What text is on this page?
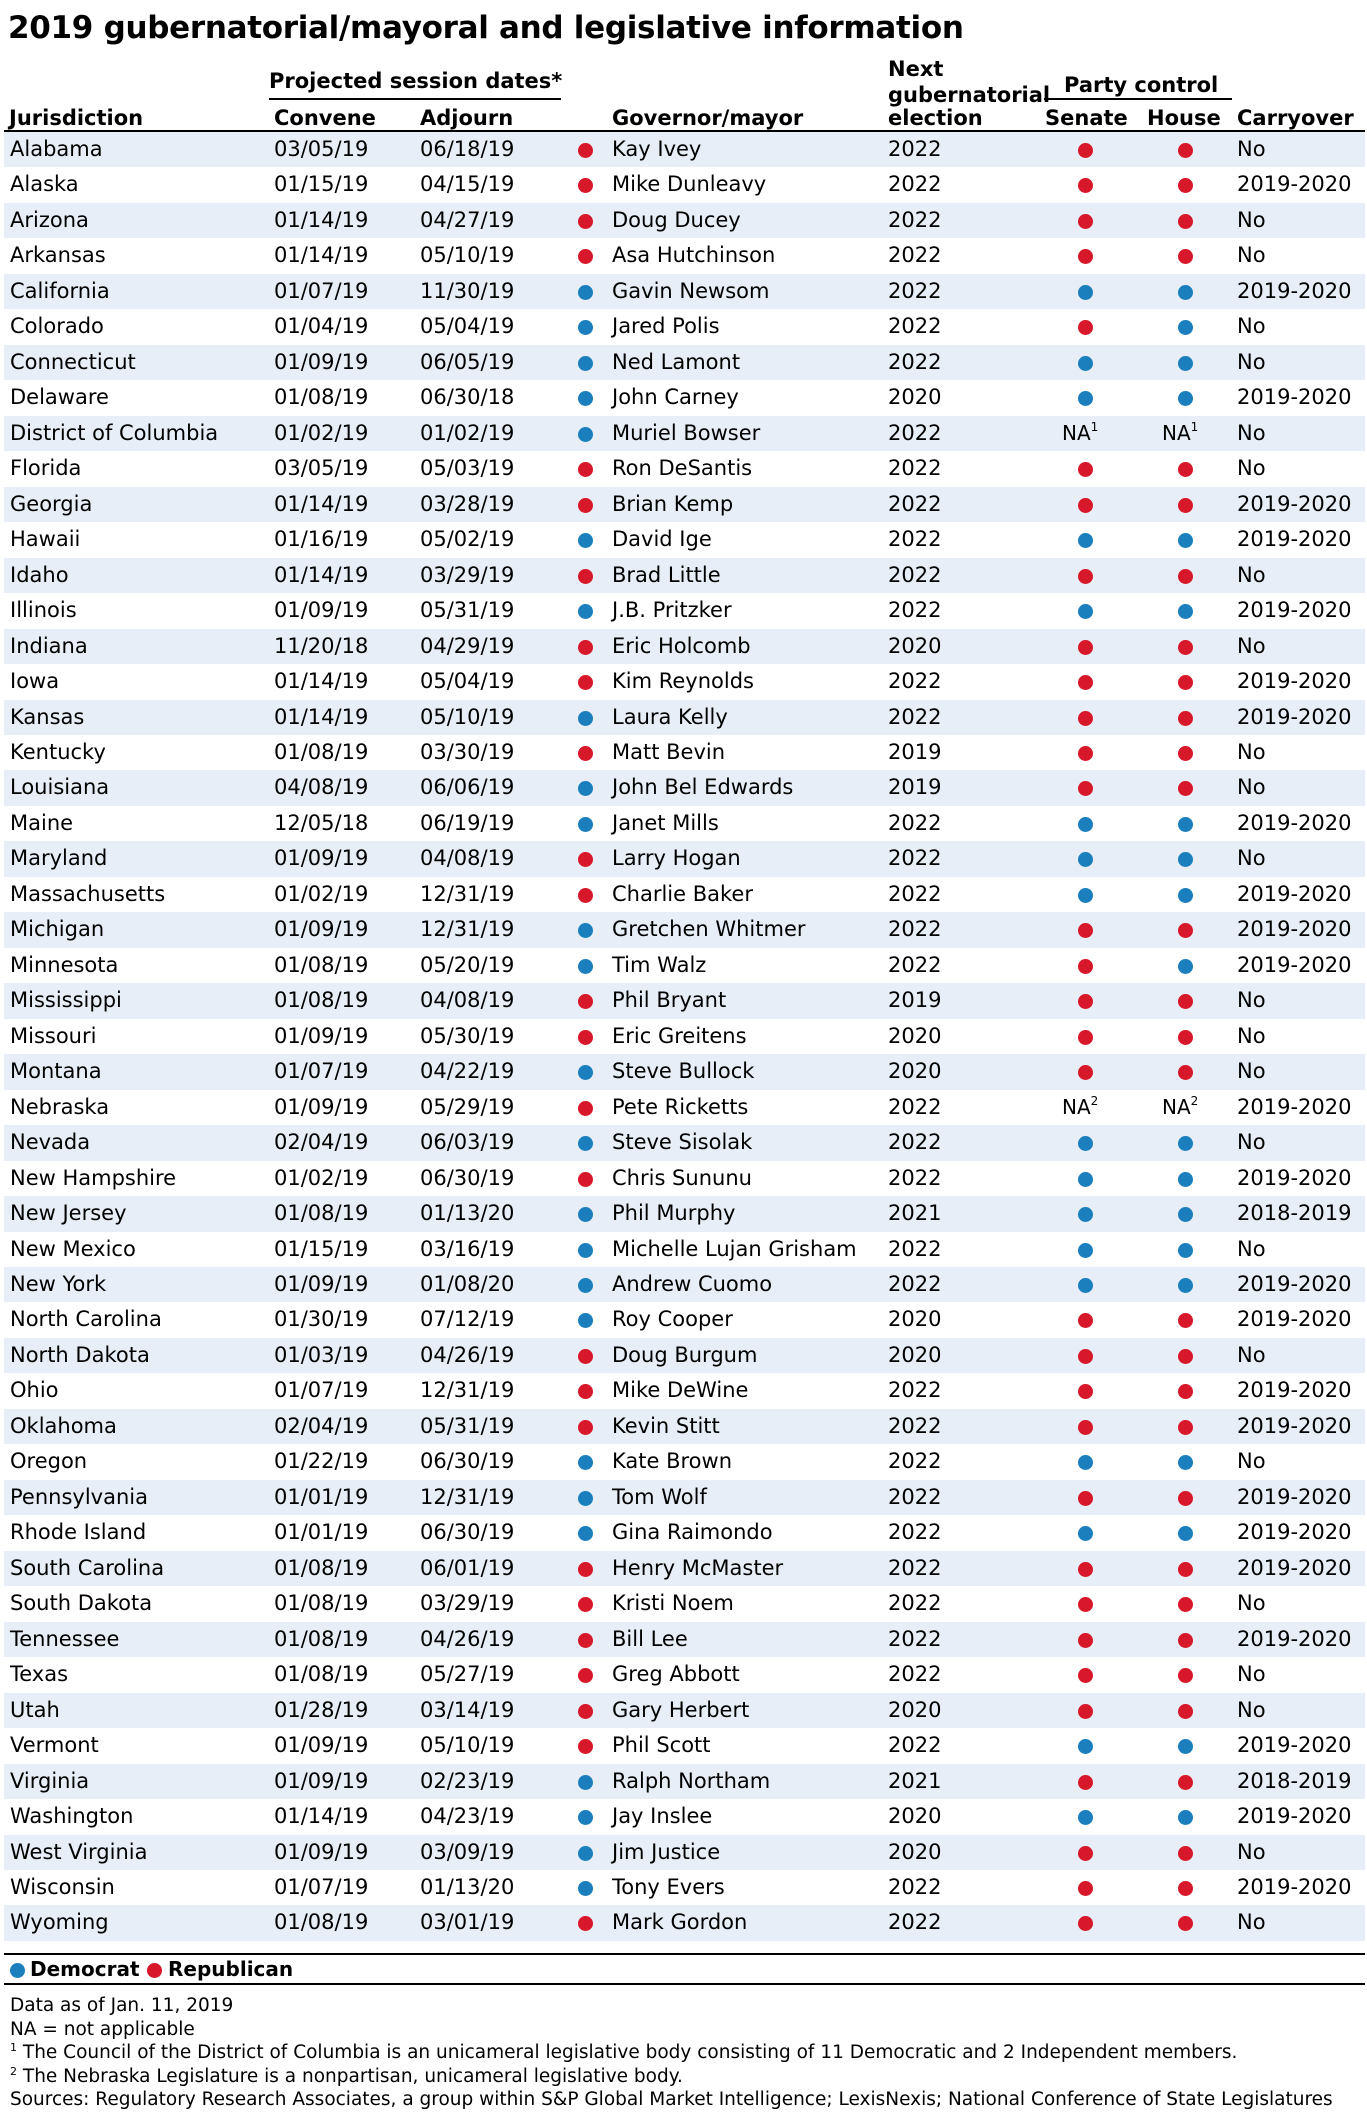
2019 gubernatorial/mayoral and legislative information
Projected session dates*	Party control
Next
gubernatorial
election
Jurisdiction	Convene Adjourn	Governor/mayor	Senate House Carryover
Alabama	03/05/19 06/18/19	Kay Ivey	2022	No
Alaska	01/15/19 04/15/19	Mike Dunleavy	2022	2019-2020
Arizona	01/14/19 04/27/19	Doug Ducey	2022	No
Arkansas	01/14/19 05/10/19	Asa Hutchinson	2022	No
California	01/07/19 11/30/19	Gavin Newsom	2022	2019-2020
Colorado	01/04/19 05/04/19	Jared Polis	2022	No
Connecticut	01/09/19 06/05/19	Ned Lamont	2022	No
Delaware	01/08/19 06/30/18	John Carney	2020	2019-2020
District of Columbia	01/02/19 01/02/19	Muriel Bowser	2022	$NA^1$	$NA^1$ No
Florida	03/05/19 05/03/19	Ron DeSantis	2022	No
Georgia	01/14/19 03/28/19	Brian Kemp	2022	2019-2020
Hawaii	01/16/19 05/02/19	David Ige	2022	2019-2020
Idaho	01/14/19 03/29/19	Brad Little	2022	No
Illinois	01/09/19 05/31/19	J.B. Pritzker	2022	2019-2020
Indiana	11/20/18 04/29/19	Eric Holcomb	2020	No
Iowa	01/14/19 05/04/19	Kim Reynolds	2022	2019-2020
Kansas	01/14/19 05/10/19	Laura Kelly	2022	2019-2020
Kentucky	01/08/19 03/30/19	Matt Bevin	2019	No
Louisiana	04/08/19 06/06/19	John Bel Edwards	2019	No
Maine	12/05/18 06/19/19	Janet Mills	2022	2019-2020
Maryland	01/09/19 04/08/19	Larry Hogan	2022	No
Massachusetts	01/02/19 12/31/19	Charlie Baker	2022	2019-2020
Michigan	01/09/19 12/31/19	Gretchen Whitmer	2022	2019-2020
Minnesota	01/08/19 05/20/19	Tim Walz	2022	2019-2020
Mississippi	01/08/19 04/08/19	Phil Bryant	2019	No
Missouri	01/09/19 05/30/19	Eric Greitens	2020	No
Montana	01/07/19 04/22/19	Steve Bullock	2020	No
Nebraska	01/09/19 05/29/19	Pete Ricketts	2022	$NA^2$	$NA^2$ 2019-2020
Nevada	02/04/19 06/03/19	Steve Sisolak	2022	No
New Hampshire	01/02/19 06/30/19	Chris Sununu	2022	2019-2020
New Jersey	01/08/19 01/13/20	Phil Murphy	2021	2018-2019
New Mexico	01/15/19 03/16/19	Michelle Lujan Grisham 2022	No
New York	01/09/19 01/08/20	Andrew Cuomo	2022	2019-2020
North Carolina	01/30/19 07/12/19	Roy Cooper	2020	2019-2020
North Dakota	01/03/19 04/26/19	Doug Burgum	2020	No
Ohio	01/07/19 12/31/19	Mike DeWine	2022	2019-2020
Oklahoma	02/04/19 05/31/19	Kevin Stitt	2022	2019-2020
Oregon	01/22/19 06/30/19	Kate Brown	2022	No
Pennsylvania	01/01/19 12/31/19	Tom Wolf	2022	2019-2020
Rhode Island	01/01/19 06/30/19	Gina Raimondo	2022	2019-2020
South Carolina	01/08/19 06/01/19	Henry McMaster	2022	2019-2020
South Dakota	01/08/19 03/29/19	Kristi Noem	2022	No
Tennessee	01/08/19 04/26/19	Bill Lee	2022	2019-2020
Texas	01/08/19 05/27/19	Greg Abbott	2022	No
Utah	01/28/19 03/14/19	Gary Herbert	2020	No
Vermont	01/09/19 05/10/19	Phil Scott	2022	2019-2020
Virginia	01/09/19 02/23/19	Ralph Northam	2021	2018-2019
Washington	01/14/19 04/23/19	Jay Inslee	2020	2019-2020
West Virginia	01/09/19 03/09/19	Jim Justice	2020	No
Wisconsin	01/07/19 01/13/20	Tony Evers	2022	2019-2020
Wyoming	01/08/19 03/01/19	Mark Gordon	2022	No
Democrat Republican
Data as of Jan. 11, 2019
NA = not applicable
$^1$ The Council of the District of Columbia is an unicameral legislative body consisting of 11 Democratic and 2 Independent members.
$^2$ The Nebraska Legislature is a nonpartisan, unicameral legislative body.
Sources: Regulatory Research Associates, a group within S&P Global Market Intelligence; LexisNexis; National Conference of State Legislatures
